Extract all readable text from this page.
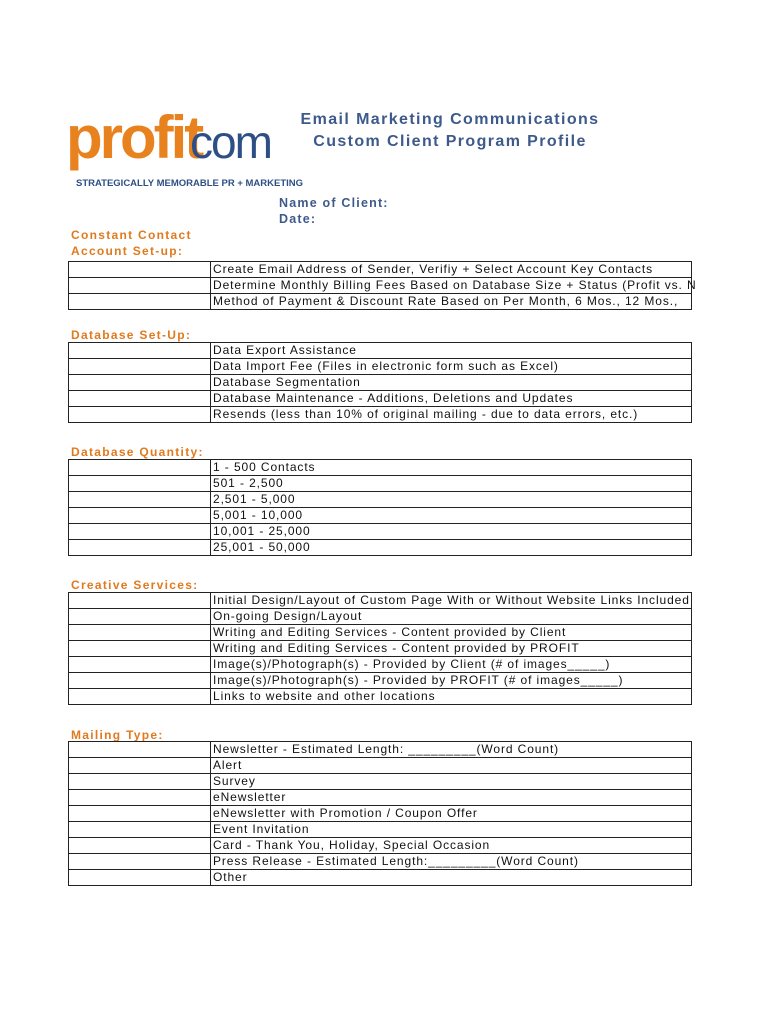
profit
com
STRATEGICALLY MEMORABLE PR + MARKETING
Email Marketing Communications
Custom Client Program Profile
Name of Client:
Date:
Constant Contact
Account Set-up:

	Create Email Address of Sender, Verifiy + Select Account Key Contacts

	Determine Monthly Billing Fees Based on Database Size + Status (Profit vs. N

	Method of Payment & Discount Rate Based on Per Month, 6 Mos., 12 Mos.,
Database Set-Up:

	Data Export Assistance

	Data Import Fee (Files in electronic form such as Excel)

	Database Segmentation

	Database Maintenance - Additions, Deletions and Updates

	Resends (less than 10% of original mailing - due to data errors, etc.)
Database Quantity:

	1 - 500 Contacts

	501 - 2,500

	2,501 - 5,000

	5,001 - 10,000

	10,001 - 25,000

	25,001 - 50,000
Creative Services:

	Initial Design/Layout of Custom Page With or Without Website Links Included

	On-going Design/Layout

	Writing and Editing Services - Content provided by Client

	Writing and Editing Services - Content provided by PROFIT

	Image(s)/Photograph(s) - Provided by Client (# of images_____)

	Image(s)/Photograph(s) - Provided by PROFIT (# of images_____)

	Links to website and other locations
Mailing Type:

	Newsletter - Estimated Length: _________(Word Count)

	Alert

	Survey

	eNewsletter

	eNewsletter with Promotion / Coupon Offer

	Event Invitation

	Card - Thank You, Holiday, Special Occasion

	Press Release - Estimated Length:_________(Word Count)

	Other
